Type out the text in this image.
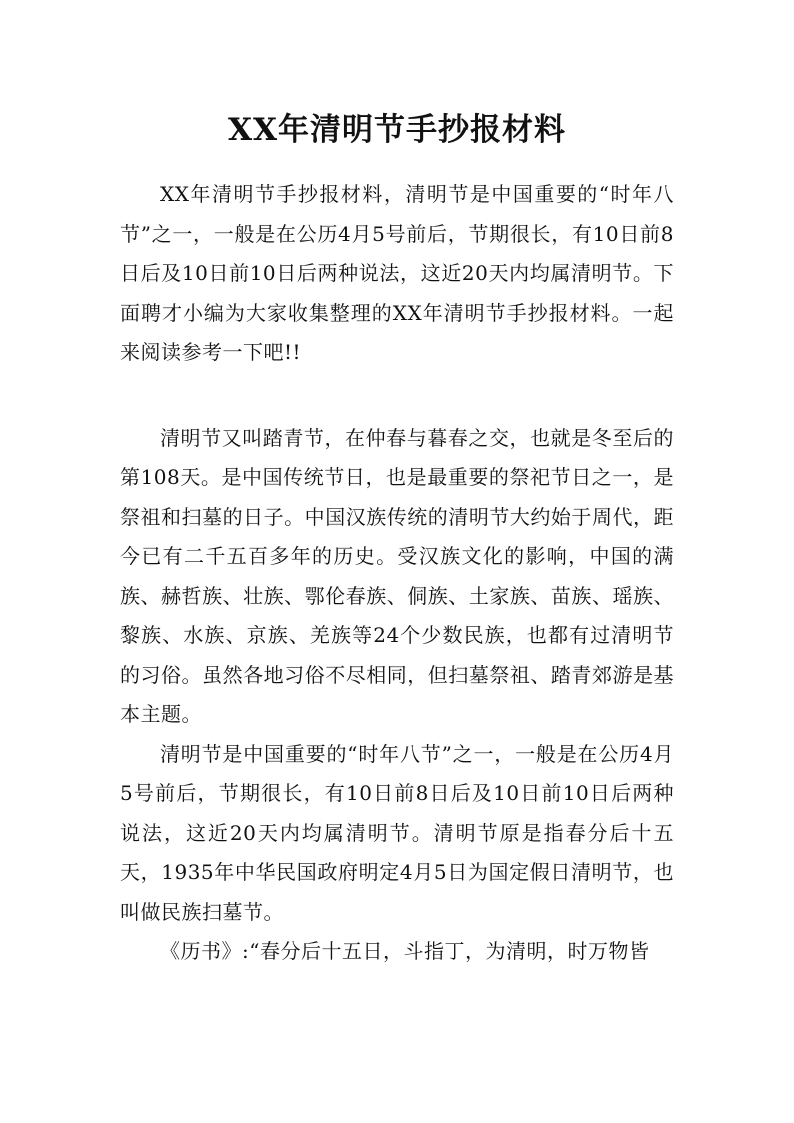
XX年清明节手抄报材料

XX年清明节手抄报材料，清明节是中国重要的“时年八节”之一，一般是在公历4月5号前后，节期很长，有10日前8日后及10日前10日后两种说法，这近20天内均属清明节。下面聘才小编为大家收集整理的XX年清明节手抄报材料。一起来阅读参考一下吧!!

清明节又叫踏青节，在仲春与暮春之交，也就是冬至后的第108天。是中国传统节日，也是最重要的祭祀节日之一，是祭祖和扫墓的日子。中国汉族传统的清明节大约始于周代，距今已有二千五百多年的历史。受汉族文化的影响，中国的满族、赫哲族、壮族、鄂伦春族、侗族、土家族、苗族、瑶族、黎族、水族、京族、羌族等24个少数民族，也都有过清明节的习俗。虽然各地习俗不尽相同，但扫墓祭祖、踏青郊游是基本主题。

清明节是中国重要的“时年八节”之一，一般是在公历4月5号前后，节期很长，有10日前8日后及10日前10日后两种说法，这近20天内均属清明节。清明节原是指春分后十五天，1935年中华民国政府明定4月5日为国定假日清明节，也叫做民族扫墓节。

《历书》:“春分后十五日，斗指丁，为清明，时万物皆
